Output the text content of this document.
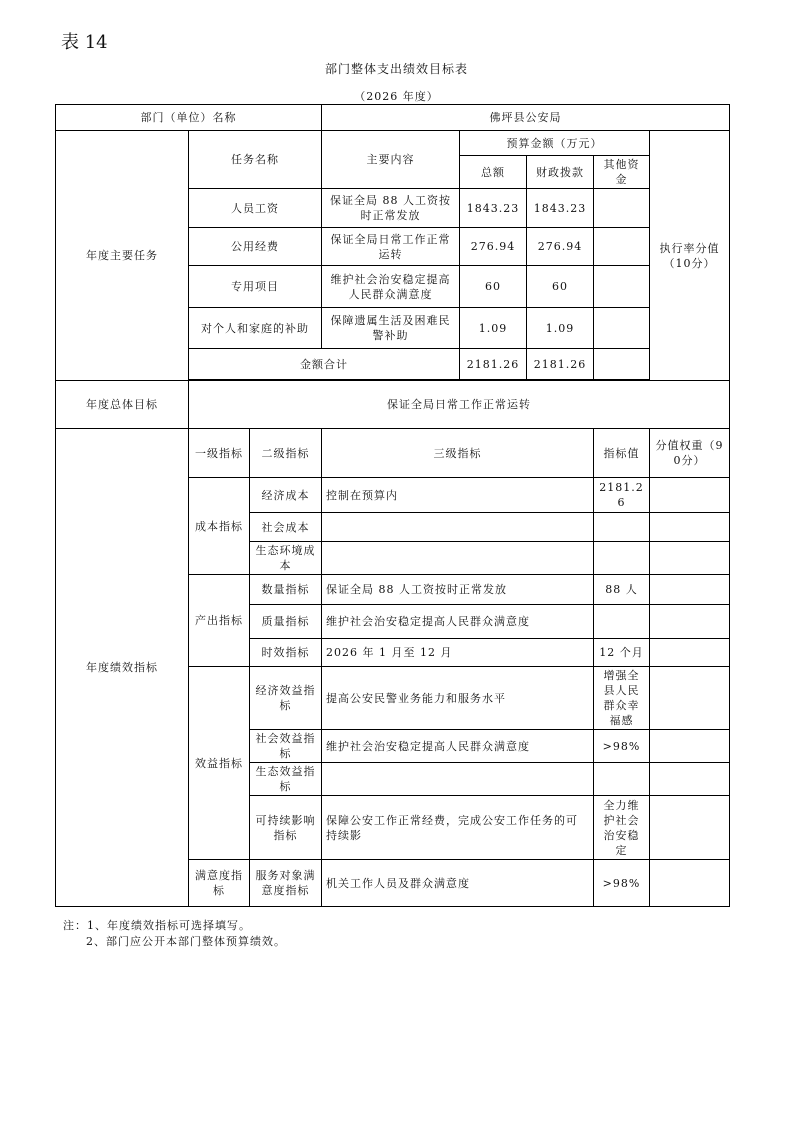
表 14
部门整体支出绩效目标表
（2026 年度）
部门（单位）名称			佛坪县公安局				
年度主要任务	任务名称		主要内容	预算金额（万元）			执行率分值（10分）
				总额	财政拨款	其他资金	
	人员工资		保证全局 88 人工资按时正常发放	1843.23	1843.23		
	公用经费		保证全局日常工作正常运转	276.94	276.94		
	专用项目		维护社会治安稳定提高人民群众满意度	60	60		
	对个人和家庭的补助		保障遗属生活及困难民警补助	1.09	1.09		
	金额合计			2181.26	2181.26		

年度总体目标	保证全局日常工作正常运转						
年度绩效指标	一级指标	二级指标	三级指标			指标值	分值权重（90分）
	成本指标	经济成本	控制在预算内			2181.26	
		社会成本					
		生态环境成本					
	产出指标	数量指标	保证全局 88 人工资按时正常发放			88 人	
		质量指标	维护社会治安稳定提高人民群众满意度				
		时效指标	2026 年 1 月至 12 月			12 个月	
	效益指标	经济效益指标	提高公安民警业务能力和服务水平			增强全县人民群众幸福感	
		社会效益指标	维护社会治安稳定提高人民群众满意度			>98%	
		生态效益指标					
		可持续影响指标	保障公安工作正常经费，完成公安工作任务的可持续影			全力维护社会治安稳定	
	满意度指标	服务对象满意度指标	机关工作人员及群众满意度			>98%	
注：1、年度绩效指标可选择填写。
2、部门应公开本部门整体预算绩效。
